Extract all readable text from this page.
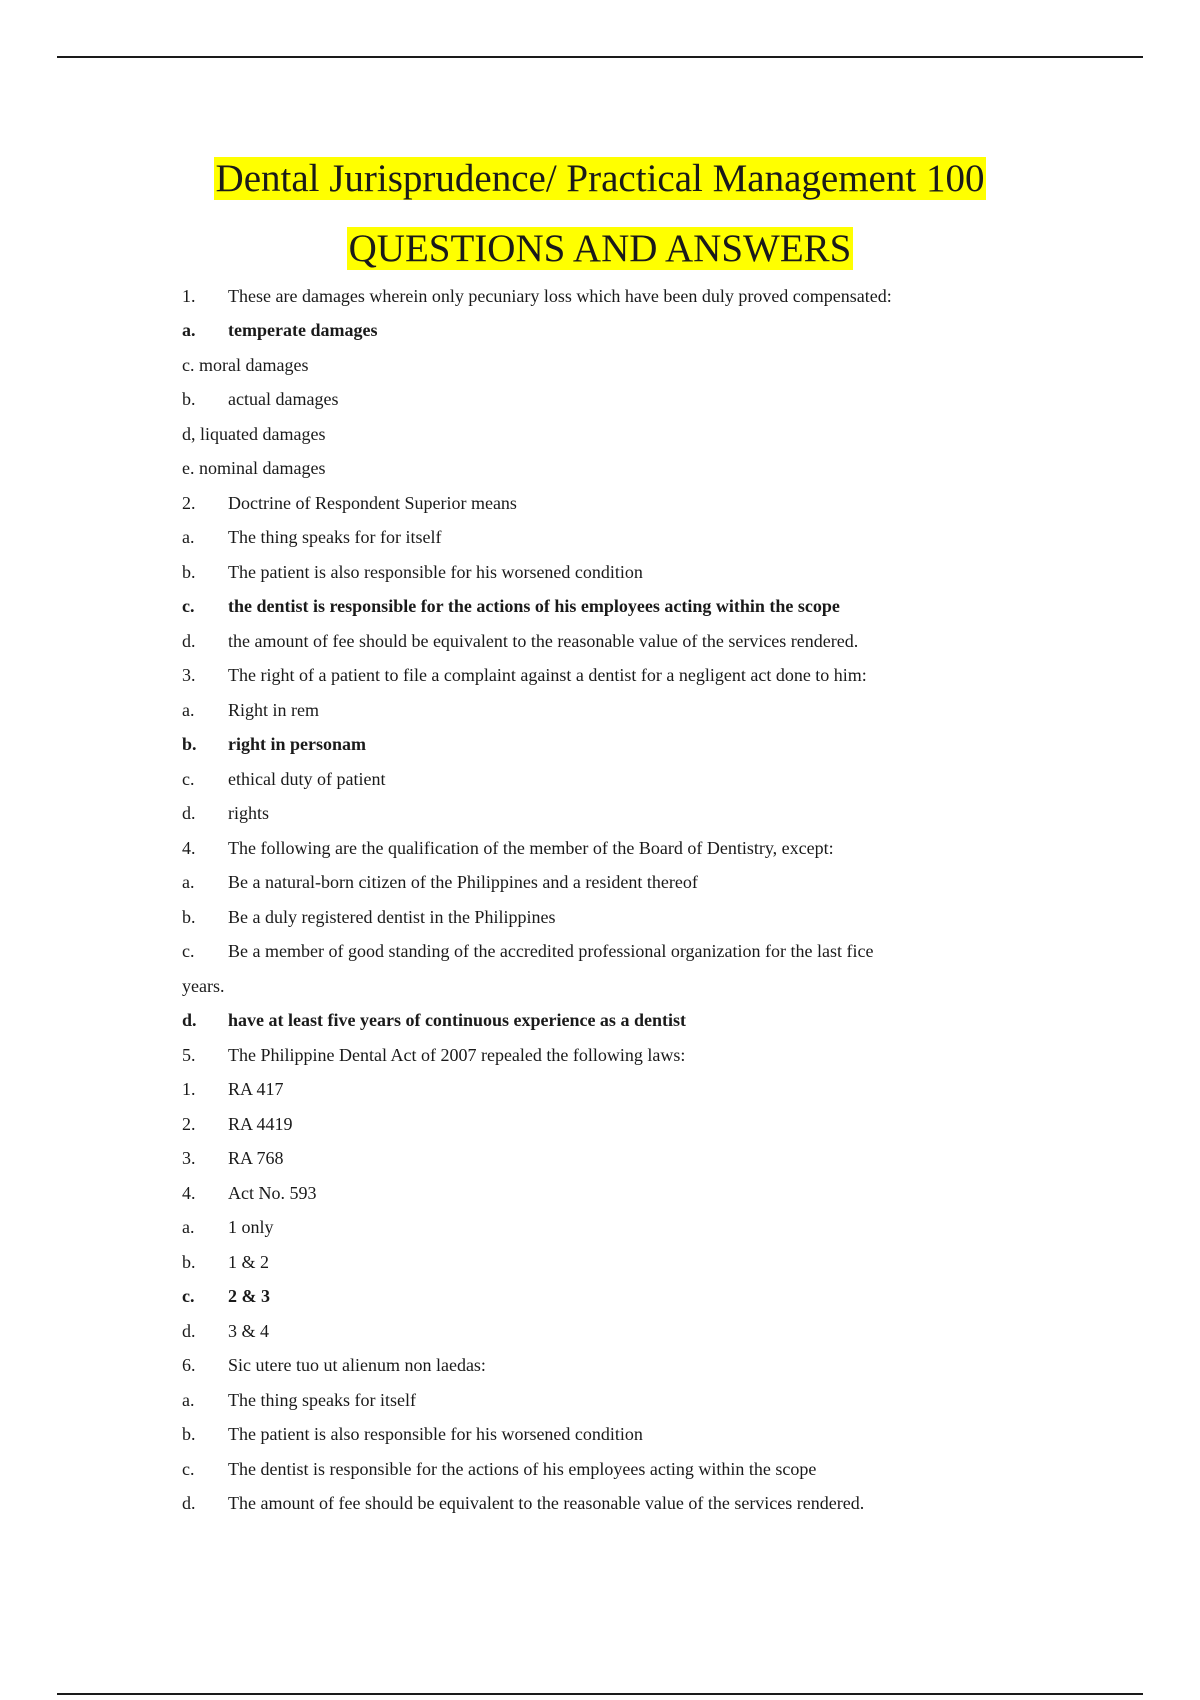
Dental Jurisprudence/ Practical Management 100

QUESTIONS AND ANSWERS

1.	These are damages wherein only pecuniary loss which have been duly proved compensated:
a.	temperate damages
c. moral damages
b.	actual damages
d, liquated damages
e. nominal damages
2.	Doctrine of Respondent Superior means
a.	The thing speaks for for itself
b.	The patient is also responsible for his worsened condition
c.	the dentist is responsible for the actions of his employees acting within the scope
d.	the amount of fee should be equivalent to the reasonable value of the services rendered.
3.	The right of a patient to file a complaint against a dentist for a negligent act done to him:
a.	Right in rem
b.	right in personam
c.	ethical duty of patient
d.	rights
4.	The following are the qualification of the member of the Board of Dentistry, except:
a.	Be a natural-born citizen of the Philippines and a resident thereof
b.	Be a duly registered dentist in the Philippines
c.	Be a member of good standing of the accredited professional organization for the last fice
years.
d.	have at least five years of continuous experience as a dentist
5.	The Philippine Dental Act of 2007 repealed the following laws:
1.	RA 417
2.	RA 4419
3.	RA 768
4.	Act No. 593
a.	1 only
b.	1 & 2
c.	2 & 3
d.	3 & 4
6.	Sic utere tuo ut alienum non laedas:
a.	The thing speaks for itself
b.	The patient is also responsible for his worsened condition
c.	The dentist is responsible for the actions of his employees acting within the scope
d.	The amount of fee should be equivalent to the reasonable value of the services rendered.
